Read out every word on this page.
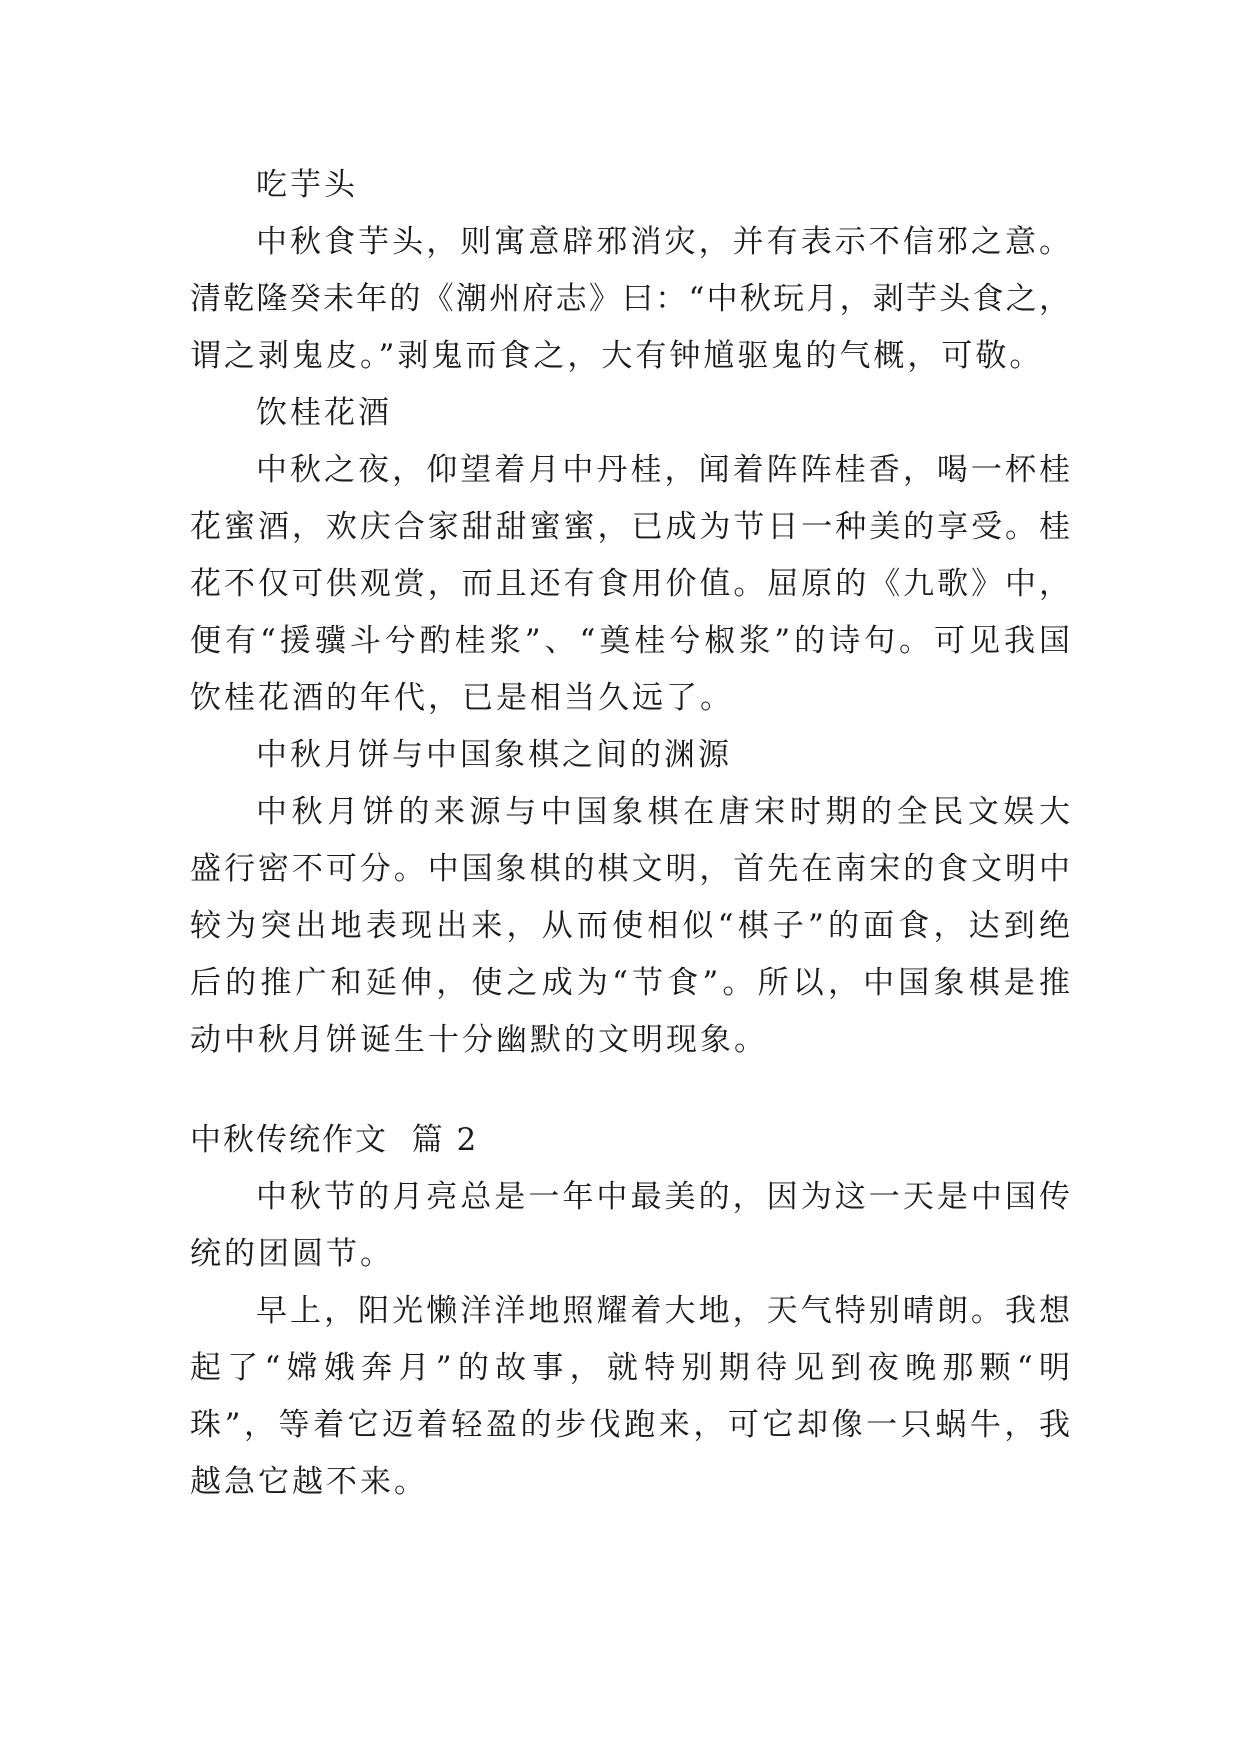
吃芋头
中秋食芋头，则寓意辟邪消灾，并有表示不信邪之意。
清乾隆癸未年的《潮州府志》曰：“中秋玩月，剥芋头食之，
谓之剥鬼皮。”剥鬼而食之，大有钟馗驱鬼的气概，可敬。
饮桂花酒
中秋之夜，仰望着月中丹桂，闻着阵阵桂香，喝一杯桂
花蜜酒，欢庆合家甜甜蜜蜜，已成为节日一种美的享受。桂
花不仅可供观赏，而且还有食用价值。屈原的《九歌》中，
便有“援骥斗兮酌桂浆”、“奠桂兮椒浆”的诗句。可见我国
饮桂花酒的年代，已是相当久远了。
中秋月饼与中国象棋之间的渊源
中秋月饼的来源与中国象棋在唐宋时期的全民文娱大
盛行密不可分。中国象棋的棋文明，首先在南宋的食文明中
较为突出地表现出来，从而使相似“棋子”的面食，达到绝
后的推广和延伸，使之成为“节食”。所以，中国象棋是推
动中秋月饼诞生十分幽默的文明现象。
中秋传统作文  篇 2
中秋节的月亮总是一年中最美的，因为这一天是中国传
统的团圆节。
早上，阳光懒洋洋地照耀着大地，天气特别晴朗。我想
起了“嫦娥奔月”的故事，就特别期待见到夜晚那颗“明
珠”，等着它迈着轻盈的步伐跑来，可它却像一只蜗牛，我
越急它越不来。
